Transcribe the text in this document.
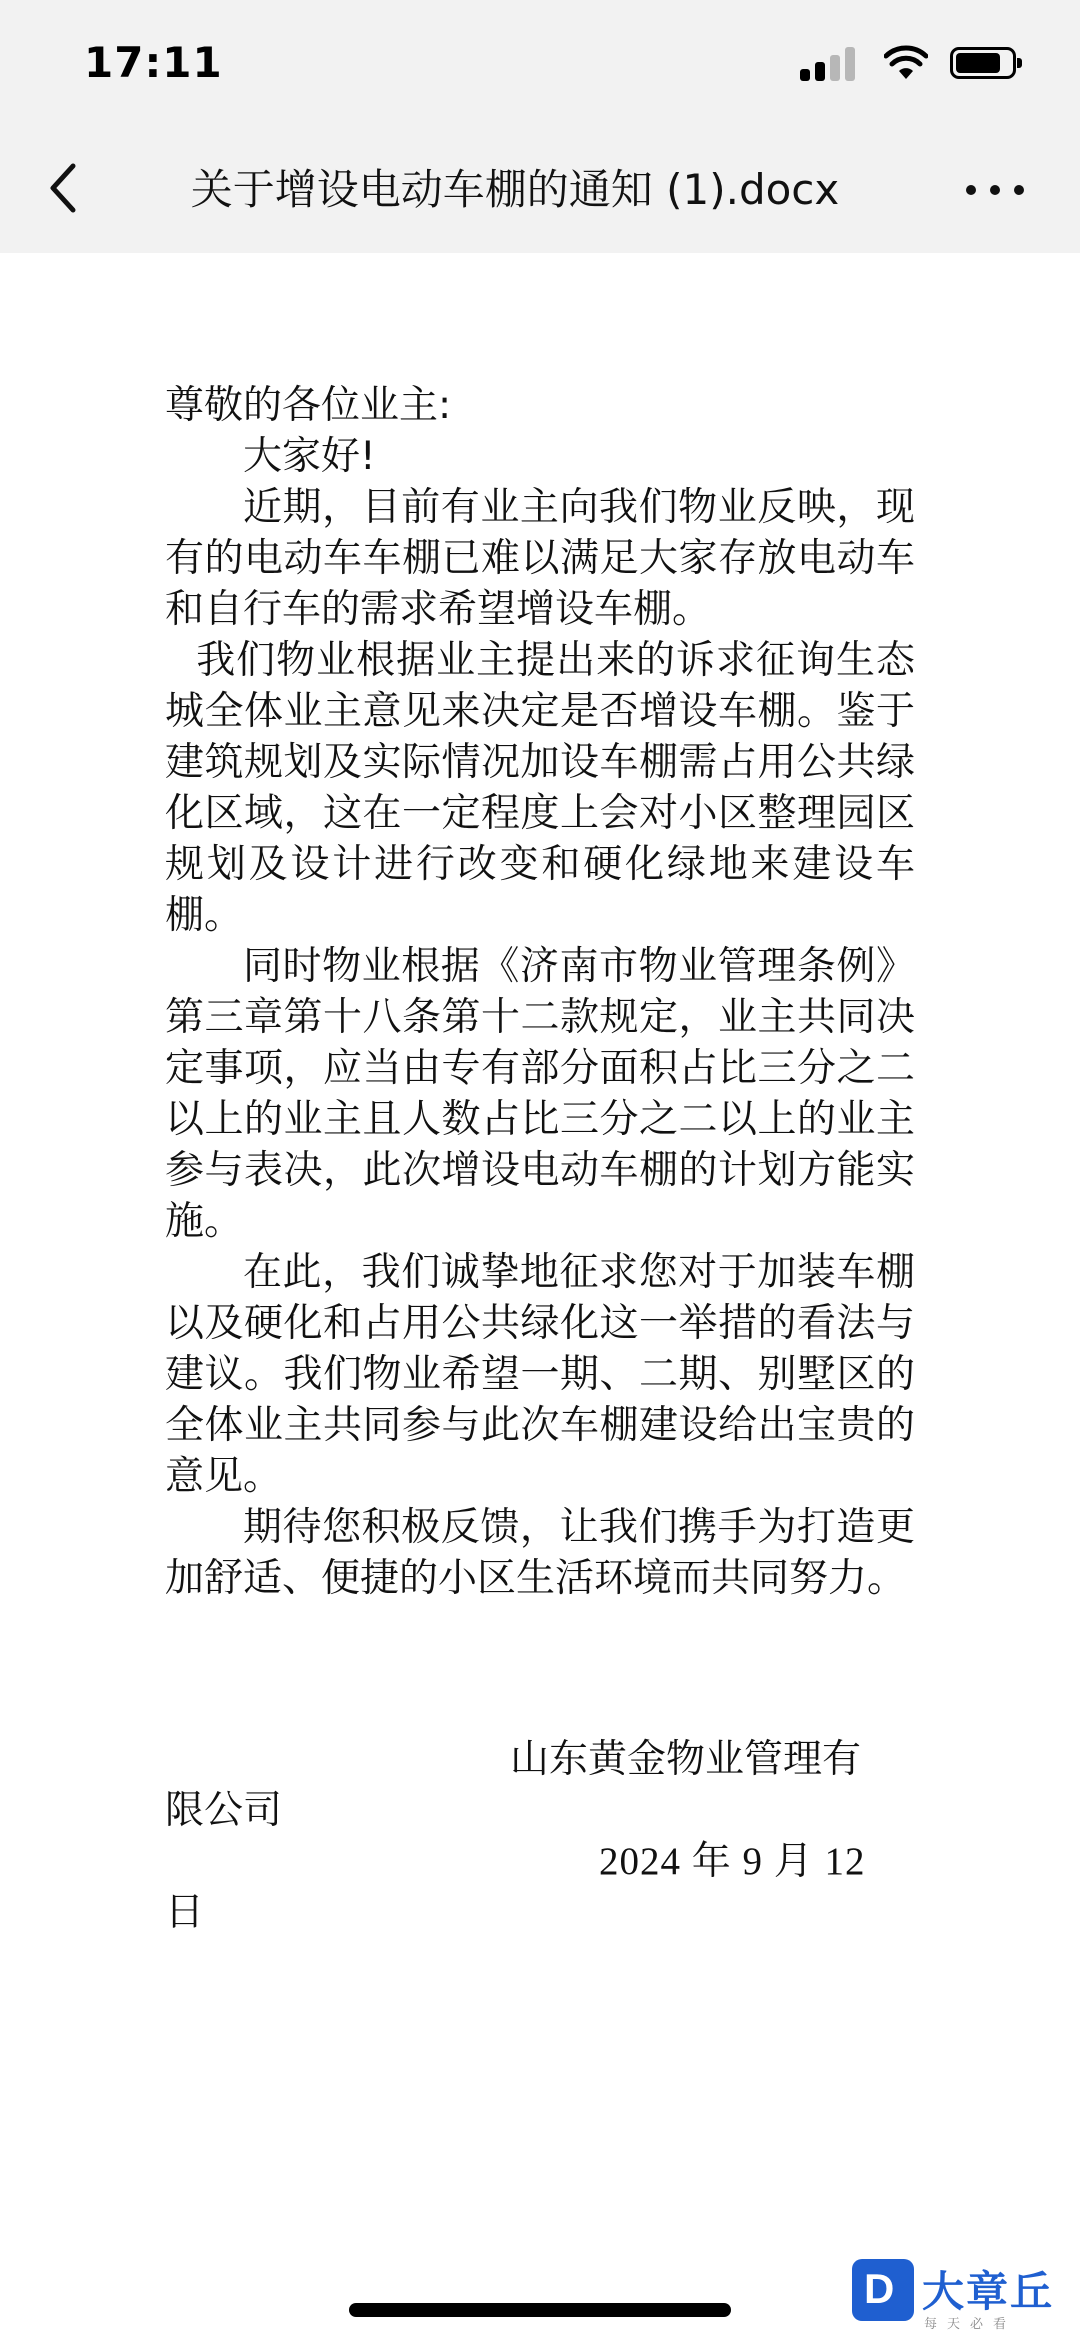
17:11
关于增设电动车棚的通知 (1).docx

尊敬的各位业主:

大家好!

近期，目前有业主向我们物业反映，现有的电动车车棚已难以满足大家存放电动车和自行车的需求希望增设车棚。

我们物业根据业主提出来的诉求征询生态城全体业主意见来决定是否增设车棚。鉴于建筑规划及实际情况加设车棚需占用公共绿化区域，这在一定程度上会对小区整理园区规划及设计进行改变和硬化绿地来建设车棚。

同时物业根据《济南市物业管理条例》第三章第十八条第十二款规定，业主共同决定事项，应当由专有部分面积占比三分之二以上的业主且人数占比三分之二以上的业主参与表决，此次增设电动车棚的计划方能实施。

在此，我们诚挚地征求您对于加装车棚以及硬化和占用公共绿化这一举措的看法与建议。我们物业希望一期、二期、别墅区的全体业主共同参与此次车棚建设给出宝贵的意见。

期待您积极反馈，让我们携手为打造更加舒适、便捷的小区生活环境而共同努力。

山东黄金物业管理有

限公司

2024 年 9 月 12

日

D 大章丘
每天必看
